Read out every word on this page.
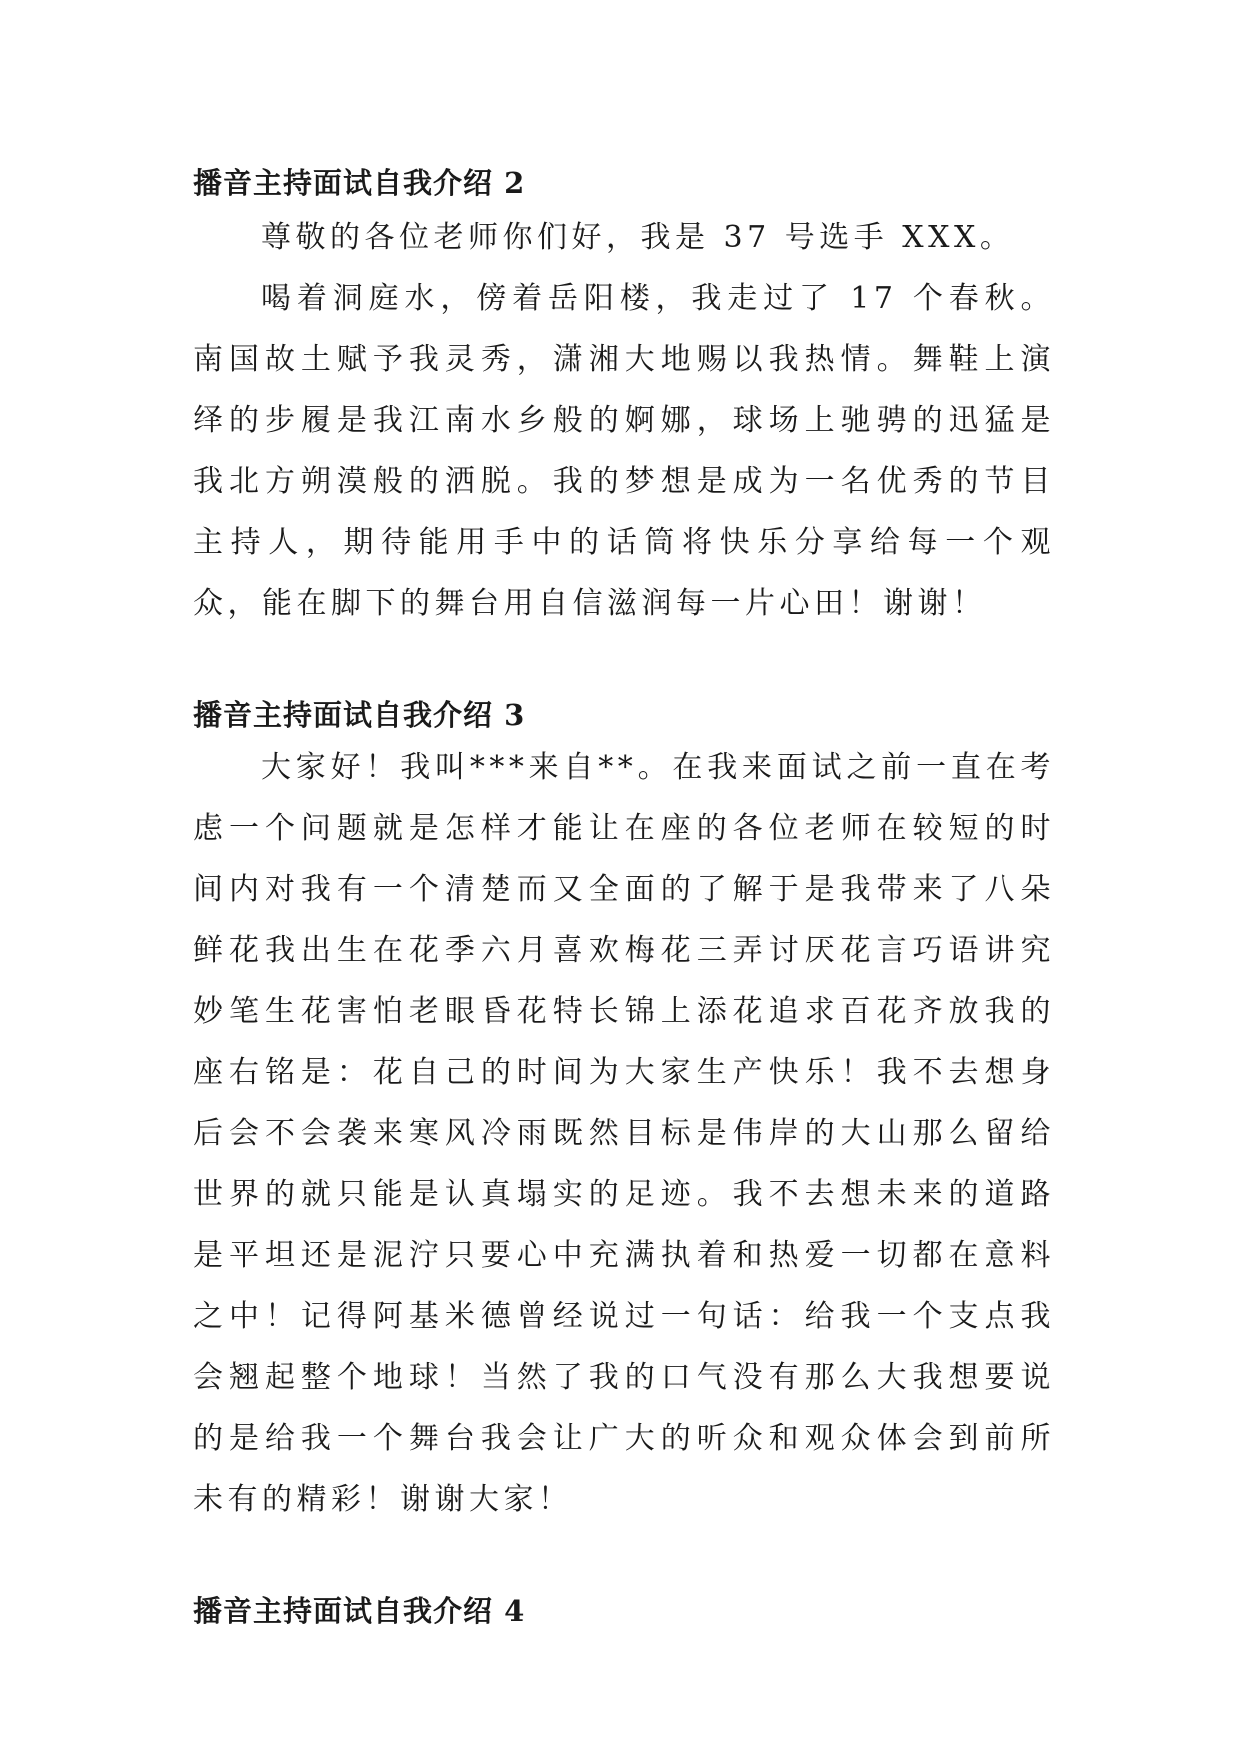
播音主持面试自我介绍 2

尊敬的各位老师你们好，我是 37 号选手 XXX。

喝着洞庭水，傍着岳阳楼，我走过了 17 个春秋。南国故土赋予我灵秀，潇湘大地赐以我热情。舞鞋上演绎的步履是我江南水乡般的婀娜，球场上驰骋的迅猛是我北方朔漠般的洒脱。我的梦想是成为一名优秀的节目主持人，期待能用手中的话筒将快乐分享给每一个观众，能在脚下的舞台用自信滋润每一片心田！谢谢！

播音主持面试自我介绍 3

大家好！我叫***来自**。在我来面试之前一直在考虑一个问题就是怎样才能让在座的各位老师在较短的时间内对我有一个清楚而又全面的了解于是我带来了八朵鲜花我出生在花季六月喜欢梅花三弄讨厌花言巧语讲究妙笔生花害怕老眼昏花特长锦上添花追求百花齐放我的座右铭是：花自己的时间为大家生产快乐！我不去想身后会不会袭来寒风冷雨既然目标是伟岸的大山那么留给世界的就只能是认真塌实的足迹。我不去想未来的道路是平坦还是泥泞只要心中充满执着和热爱一切都在意料之中！记得阿基米德曾经说过一句话：给我一个支点我会翘起整个地球！当然了我的口气没有那么大我想要说的是给我一个舞台我会让广大的听众和观众体会到前所未有的精彩！谢谢大家！

播音主持面试自我介绍 4
